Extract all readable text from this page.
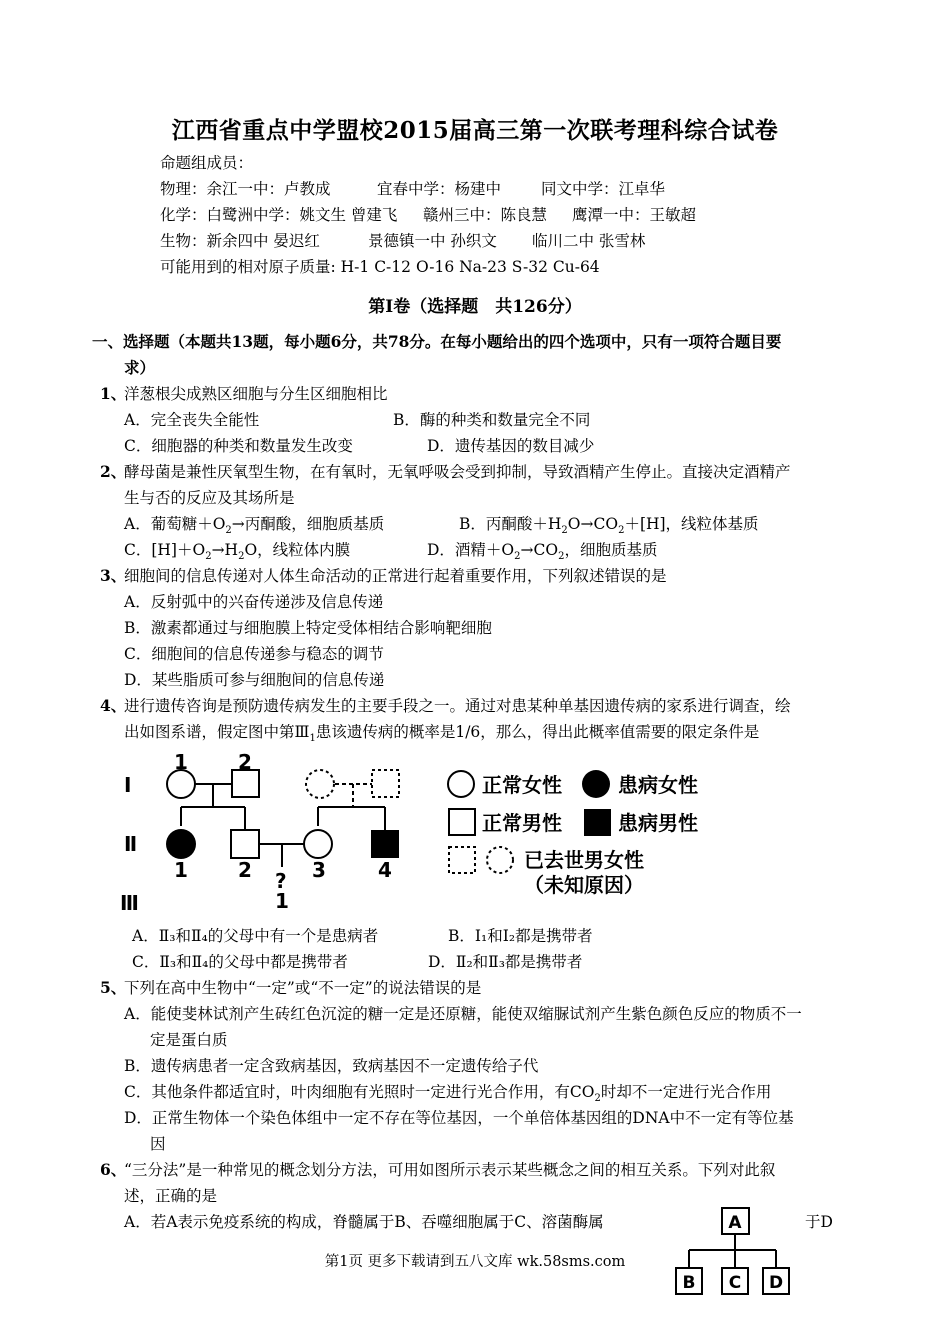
江西省重点中学盟校2015届高三第一次联考理科综合试卷
命题组成员：
物理：余江一中：卢教成	宜春中学：杨建中	同文中学：江卓华
化学：白鹭洲中学：姚文生 曾建飞 赣州三中：陈良慧 鹰潭一中：王敏超
生物：新余四中 晏迟红	景德镇一中 孙织文 临川二中 张雪林
可能用到的相对原子质量: H-1 C-12 O-16 Na-23 S-32 Cu-64
第Ⅰ卷（选择题　共126分）
一、选择题（本题共13题，每小题6分，共78分。在每小题给出的四个选项中，只有一项符合题目要
求）
1、
洋葱根尖成熟区细胞与分生区细胞相比
A．完全丧失全能性	B．酶的种类和数量完全不同
C．细胞器的种类和数量发生改变	D．遗传基因的数目减少
2、
酵母菌是兼性厌氧型生物，在有氧时，无氧呼吸会受到抑制，导致酒精产生停止。直接决定酒精产
生与否的反应及其场所是
A．葡萄糖$+O_2\to$丙酮酸，细胞质基质	B．丙酮酸$+H_2O\to CO_2+[H]$，线粒体基质
C．$[H]+O_2\to H_2O$，线粒体内膜	D．酒精$+O_2\to CO_2$，细胞质基质
3、
细胞间的信息传递对人体生命活动的正常进行起着重要作用，下列叙述错误的是
A．反射弧中的兴奋传递涉及信息传递
B．激素都通过与细胞膜上特定受体相结合影响靶细胞
C．细胞间的信息传递参与稳态的调节
D．某些脂质可参与细胞间的信息传递
4、
进行遗传咨询是预防遗传病发生的主要手段之一。通过对患某种单基因遗传病的家系进行调查，绘
出如图系谱，假定图中第$Ⅲ_1$患该遗传病的概率是1/6，那么，得出此概率值需要的限定条件是
Ⅰ
Ⅱ
Ⅲ
1	2
1	2	3	4
?
1
正常女性	患病女性
正常男性	患病男性
已去世男女性
（未知原因）
A．Ⅱ₃和Ⅱ₄的父母中有一个是患病者	B．Ⅰ₁和Ⅰ₂都是携带者
C．Ⅱ₃和Ⅱ₄的父母中都是携带者	D．Ⅱ₂和Ⅱ₃都是携带者
5、
下列在高中生物中“一定”或“不一定”的说法错误的是
A．能使斐林试剂产生砖红色沉淀的糖一定是还原糖，能使双缩脲试剂产生紫色颜色反应的物质不一
定是蛋白质
B．遗传病患者一定含致病基因，致病基因不一定遗传给子代
C．其他条件都适宜时，叶肉细胞有光照时一定进行光合作用，有$CO_2$时却不一定进行光合作用
D．正常生物体一个染色体组中一定不存在等位基因，一个单倍体基因组的DNA中不一定有等位基
因
6、
“三分法”是一种常见的概念划分方法，可用如图所示表示某些概念之间的相互关系。下列对此叙
述，正确的是
A．若A表示免疫系统的构成，脊髓属于B、吞噬细胞属于C、溶菌酶属	于D
A
B C D
第1页 更多下载请到五八文库 wk.58sms.com
